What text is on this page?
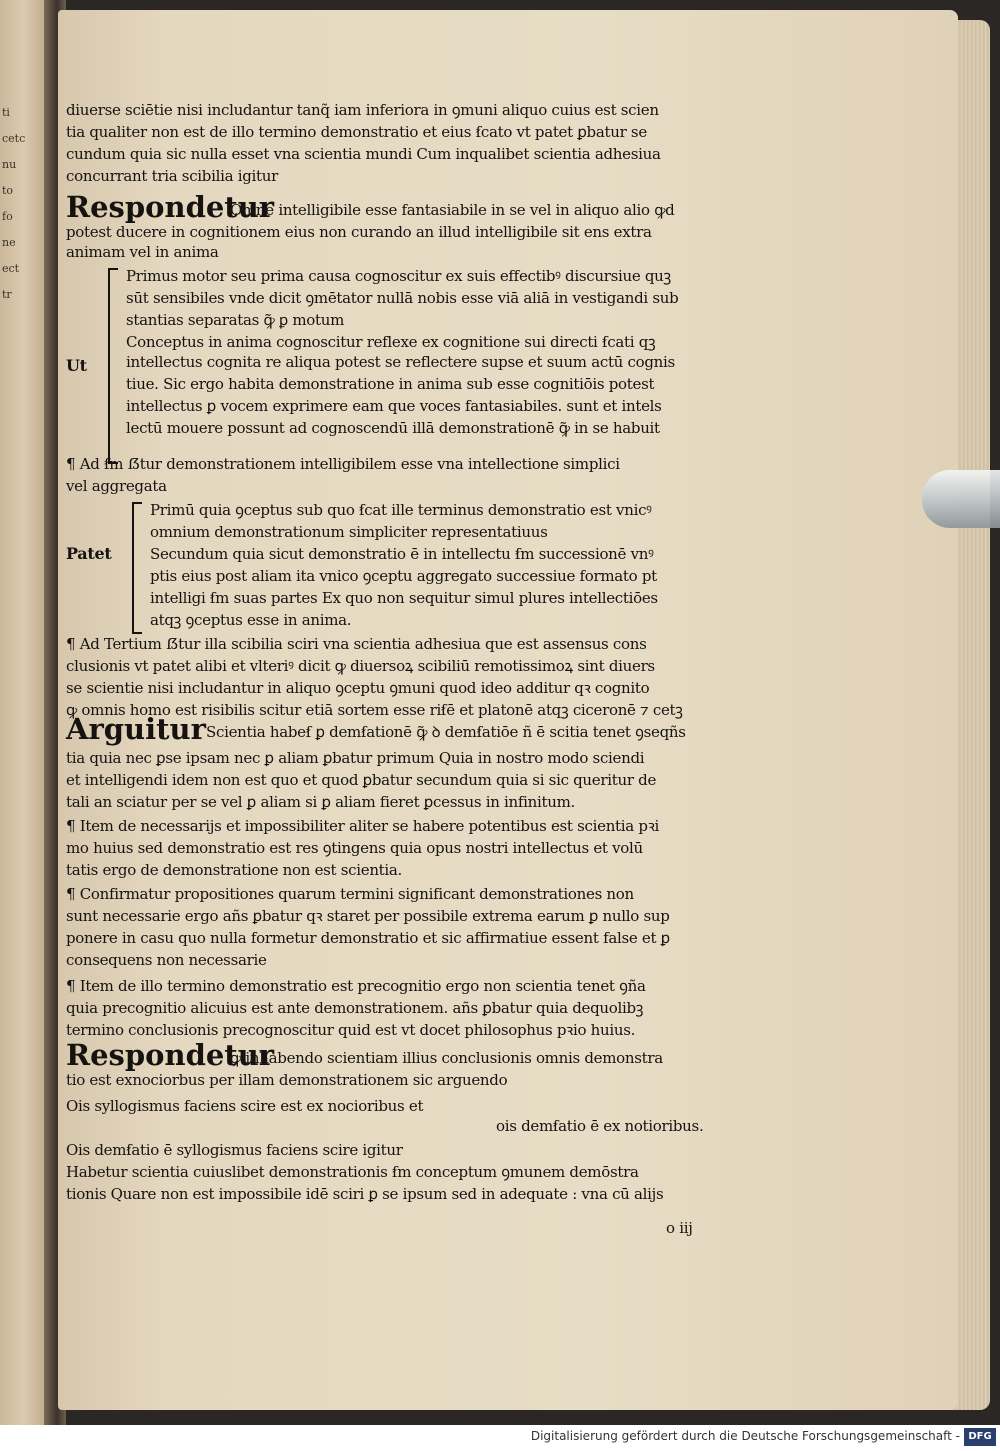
ti
cetc
nu
to
fo
ne
ect
tr
diuerse sciētie nisi includantur tanq̃ iam inferiora in ꝯmuni aliquo cuius est scien
tia qualiter non est de illo termino demonstratio et eius ẜcato vt patet ꝑbatur se
cundum quia sic nulla esset vna scientia mundi Cum inqualibet scientia adhesiua
concurrant tria scibilia igitur
Respondetur
Omne intelligibile esse fantasiabile in se vel in aliquo alio ꝙd
potest ducere in cognitionem eius non curando an illud intelligibile sit ens extra
animam vel in anima
Primus motor seu prima causa cognoscitur ex suis effectibꝰ discursiue quꝫ
sūt sensibiles vnde dicit ꝯmētator nullā nobis esse viā aliā in vestigandi sub
stantias separatas ꝙ̃ ꝑ motum
Conceptus in anima cognoscitur reflexe ex cognitione sui directi ẜcati qꝫ
intellectus cognita re aliqua potest se reflectere supse et suum actū cognis
tiue. Sic ergo habita demonstratione in anima sub esse cognitiōis potest
intellectus ꝑ vocem exprimere eam que voces fantasiabiles. sunt et intels
lectū mouere possunt ad cognoscendū illā demonstrationē ꝙ̃ in se habuit
Ut
¶ Ad ẜm ẞtur demonstrationem intelligibilem esse vna intellectione simplici
vel aggregata
Primū quia ꝯceptus sub quo ẜcat ille terminus demonstratio est vnicꝰ
omnium demonstrationum simpliciter representatiuus
Secundum quia sicut demonstratio ē in intellectu ẜm successionē vnꝰ
ptis eius post aliam ita vnico ꝯceptu aggregato successiue formato pt
intelligi ẜm suas partes Ex quo non sequitur simul plures intellectiōes
atqꝫ ꝯceptus esse in anima.
Patet
¶ Ad Tertium ẞtur illa scibilia sciri vna scientia adhesiua que est assensus cons
clusionis vt patet alibi et vlteriꝰ dicit ꝙ diuersoꝝ scibiliū remotissimoꝝ sint diuers
se scientie nisi includantur in aliquo ꝯceptu ꝯmuni quod ideo additur qꝛ cognito
ꝙ omnis homo est risibilis scitur etiā sortem esse riẜē et platonē atqꝫ ciceronē ⁊ cetꝫ
Arguitur Scientia habeẜ ꝑ demẜationē ꝙ̃ ꝺ demẜatiōe ñ ē scitia tenet ꝯseqñs
tia quia nec ꝑse ipsam nec ꝑ aliam ꝑbatur primum Quia in nostro modo sciendi
et intelligendi idem non est quo et quod ꝑbatur secundum quia si sic queritur de
tali an sciatur per se vel ꝑ aliam si ꝑ aliam fieret ꝑcessus in infinitum.
¶ Item de necessarijs et impossibiliter aliter se habere potentibus est scientia pꝛi
mo huius sed demonstratio est res ꝯtingens quia opus nostri intellectus et volū
tatis ergo de demonstratione non est scientia.
¶ Confirmatur propositiones quarum termini significant demonstrationes non
sunt necessarie ergo añs ꝑbatur qꝛ staret per possibile extrema earum ꝑ nullo sup
ponere in casu quo nulla formetur demonstratio et sic affirmatiue essent false et ꝑ
consequens non necessarie
¶ Item de illo termino demonstratio est precognitio ergo non scientia tenet ꝯña
quia precognitio alicuius est ante demonstrationem. añs ꝑbatur quia dequolibꝫ
termino conclusionis precognoscitur quid est vt docet philosophus pꝛio huius.
Respondetur
ꝙ inhabendo scientiam illius conclusionis omnis demonstra
tio est exnociorbus per illam demonstrationem sic arguendo
Ois syllogismus faciens scire est ex nocioribus et
ois demẜatio ē ex notioribus.
Ois demẜatio ē syllogismus faciens scire igitur
Habetur scientia cuiuslibet demonstrationis ẜm conceptum ꝯmunem demōstra
tionis Quare non est impossibile idē sciri ꝑ se ipsum sed in adequate : vna cū alijs
o iij
Digitalisierung gefördert durch die Deutsche Forschungsgemeinschaft - DFG
